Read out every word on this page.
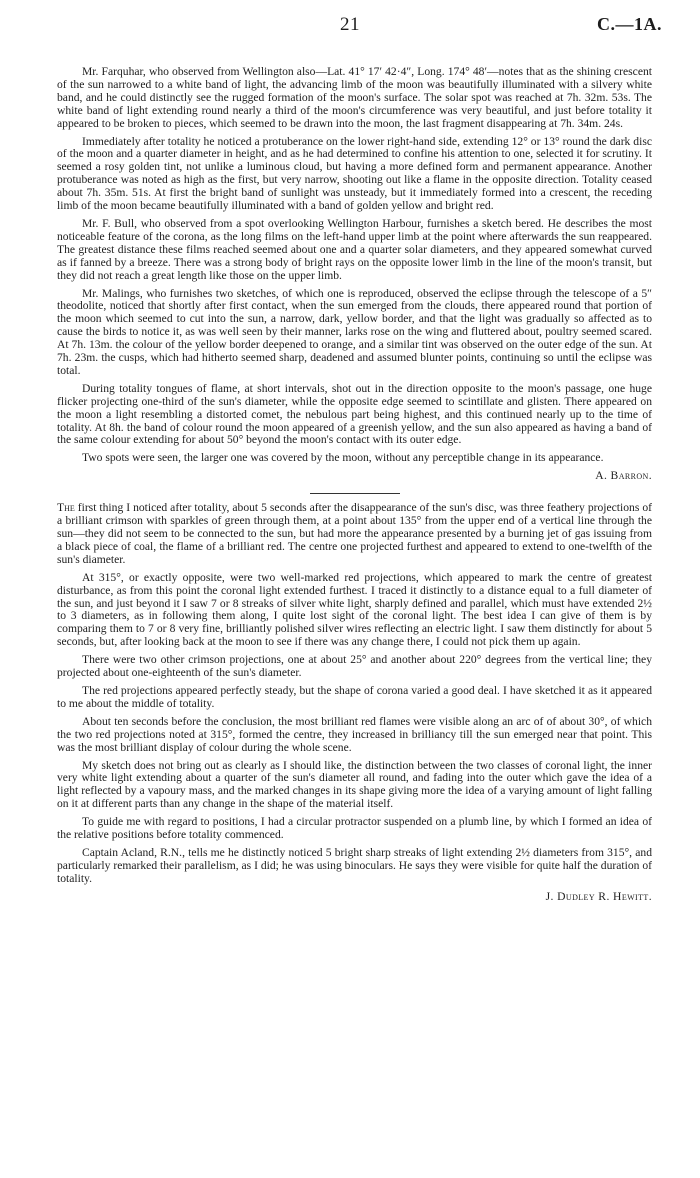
21	C.—1A.

Mr. Farquhar, who observed from Wellington also—Lat. 41° 17′ 42·4″, Long. 174° 48′—notes that as the shining crescent of the sun narrowed to a white band of light, the advancing limb of the moon was beautifully illuminated with a silvery white band, and he could distinctly see the rugged formation of the moon's surface. The solar spot was reached at 7h. 32m. 53s. The white band of light extending round nearly a third of the moon's circumference was very beautiful, and just before totality it appeared to be broken to pieces, which seemed to be drawn into the moon, the last fragment disappearing at 7h. 34m. 24s.

Immediately after totality he noticed a protuberance on the lower right-hand side, extending 12° or 13° round the dark disc of the moon and a quarter diameter in height, and as he had determined to confine his attention to one, selected it for scrutiny. It seemed a rosy golden tint, not unlike a luminous cloud, but having a more defined form and permanent appearance. Another protuberance was noted as high as the first, but very narrow, shooting out like a flame in the opposite direction. Totality ceased about 7h. 35m. 51s. At first the bright band of sunlight was unsteady, but it immediately formed into a crescent, the receding limb of the moon became beautifully illuminated with a band of golden yellow and bright red.

Mr. F. Bull, who observed from a spot overlooking Wellington Harbour, furnishes a sketch bered. He describes the most noticeable feature of the corona, as the long films on the left-hand upper limb at the point where afterwards the sun reappeared. The greatest distance these films reached seemed about one and a quarter solar diameters, and they appeared somewhat curved as if fanned by a breeze. There was a strong body of bright rays on the opposite lower limb in the line of the moon's transit, but they did not reach a great length like those on the upper limb.

Mr. Malings, who furnishes two sketches, of which one is reproduced, observed the eclipse through the telescope of a 5″ theodolite, noticed that shortly after first contact, when the sun emerged from the clouds, there appeared round that portion of the moon which seemed to cut into the sun, a narrow, dark, yellow border, and that the light was gradually so affected as to cause the birds to notice it, as was well seen by their manner, larks rose on the wing and fluttered about, poultry seemed scared. At 7h. 13m. the colour of the yellow border deepened to orange, and a similar tint was observed on the outer edge of the sun. At 7h. 23m. the cusps, which had hitherto seemed sharp, deadened and assumed blunter points, continuing so until the eclipse was total.

During totality tongues of flame, at short intervals, shot out in the direction opposite to the moon's passage, one huge flicker projecting one-third of the sun's diameter, while the opposite edge seemed to scintillate and glisten. There appeared on the moon a light resembling a distorted comet, the nebulous part being highest, and this continued nearly up to the time of totality. At 8h. the band of colour round the moon appeared of a greenish yellow, and the sun also appeared as having a band of the same colour extending for about 50° beyond the moon's contact with its outer edge.

Two spots were seen, the larger one was covered by the moon, without any perceptible change in its appearance.

A. Barron.

The first thing I noticed after totality, about 5 seconds after the disappearance of the sun's disc, was three feathery projections of a brilliant crimson with sparkles of green through them, at a point about 135° from the upper end of a vertical line through the sun—they did not seem to be connected to the sun, but had more the appearance presented by a burning jet of gas issuing from a black piece of coal, the flame of a brilliant red. The centre one projected furthest and appeared to extend to one-twelfth of the sun's diameter.

At 315°, or exactly opposite, were two well-marked red projections, which appeared to mark the centre of greatest disturbance, as from this point the coronal light extended furthest. I traced it distinctly to a distance equal to a full diameter of the sun, and just beyond it I saw 7 or 8 streaks of silver white light, sharply defined and parallel, which must have extended 2½ to 3 diameters, as in following them along, I quite lost sight of the coronal light. The best idea I can give of them is by comparing them to 7 or 8 very fine, brilliantly polished silver wires reflecting an electric light. I saw them distinctly for about 5 seconds, but, after looking back at the moon to see if there was any change there, I could not pick them up again.

There were two other crimson projections, one at about 25° and another about 220° degrees from the vertical line; they projected about one-eighteenth of the sun's diameter.

The red projections appeared perfectly steady, but the shape of corona varied a good deal. I have sketched it as it appeared to me about the middle of totality.

About ten seconds before the conclusion, the most brilliant red flames were visible along an arc of of about 30°, of which the two red projections noted at 315°, formed the centre, they increased in brilliancy till the sun emerged near that point. This was the most brilliant display of colour during the whole scene.

My sketch does not bring out as clearly as I should like, the distinction between the two classes of coronal light, the inner very white light extending about a quarter of the sun's diameter all round, and fading into the outer which gave the idea of a light reflected by a vapoury mass, and the marked changes in its shape giving more the idea of a varying amount of light falling on it at different parts than any change in the shape of the material itself.

To guide me with regard to positions, I had a circular protractor suspended on a plumb line, by which I formed an idea of the relative positions before totality commenced.

Captain Acland, R.N., tells me he distinctly noticed 5 bright sharp streaks of light extending 2½ diameters from 315°, and particularly remarked their parallelism, as I did; he was using binoculars. He says they were visible for quite half the duration of totality.

J. Dudley R. Hewitt.
